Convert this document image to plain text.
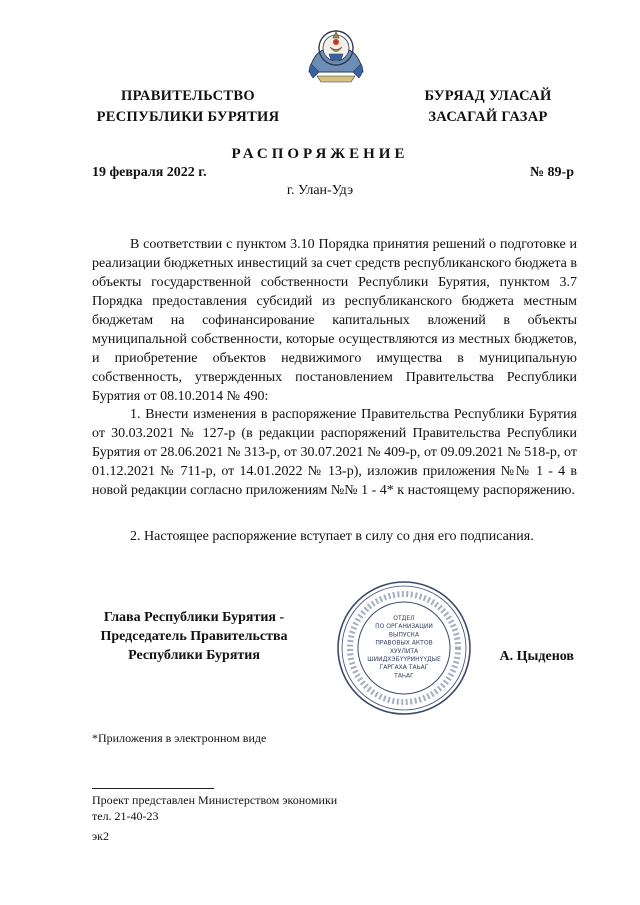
ПРАВИТЕЛЬСТВО
РЕСПУБЛИКИ БУРЯТИЯ
БУРЯАД УЛАСАЙ
ЗАСАГАЙ ГАЗАР
РАСПОРЯЖЕНИЕ
19 февраля 2022 г.	№ 89-р
г. Улан-Удэ

В соответствии с пунктом 3.10 Порядка принятия решений о подготовке и реализации бюджетных инвестиций за счет средств республиканского бюджета в объекты государственной собственности Республики Бурятия, пунктом 3.7 Порядка предоставления субсидий из республиканского бюджета местным бюджетам на софинансирование капитальных вложений в объекты муниципальной собственности, которые осуществляются из местных бюджетов, и приобретение объектов недвижимого имущества в муниципальную собственность, утвержденных постановлением Правительства Республики Бурятия от 08.10.2014 № 490:

1. Внести изменения в распоряжение Правительства Республики Бурятия от 30.03.2021 № 127-р (в редакции распоряжений Правительства Республики Бурятия от 28.06.2021 № 313-р, от 30.07.2021 № 409-р, от 09.09.2021 № 518-р, от 01.12.2021 № 711-р, от 14.01.2022 № 13-р), изложив приложения №№ 1 - 4 в новой редакции согласно приложениям №№ 1 - 4* к настоящему распоряжению.

2. Настоящее распоряжение вступает в силу со дня его подписания.

Глава Республики Бурятия -
Председатель Правительства
Республики Бурятия
ОТДЕЛ
ПО ОРГАНИЗАЦИИ
ВЫПУСКА
ПРАВОВЫХ АКТОВ
ХУУЛИТА
ШИИДХЭБҮҮРИНҮҮДЫЕ
ГАРГАХА ТАЬАГ
ТАҺАГ
А. Цыденов
*Приложения в электронном виде
Проект представлен Министерством экономики
тел. 21-40-23
эк2
